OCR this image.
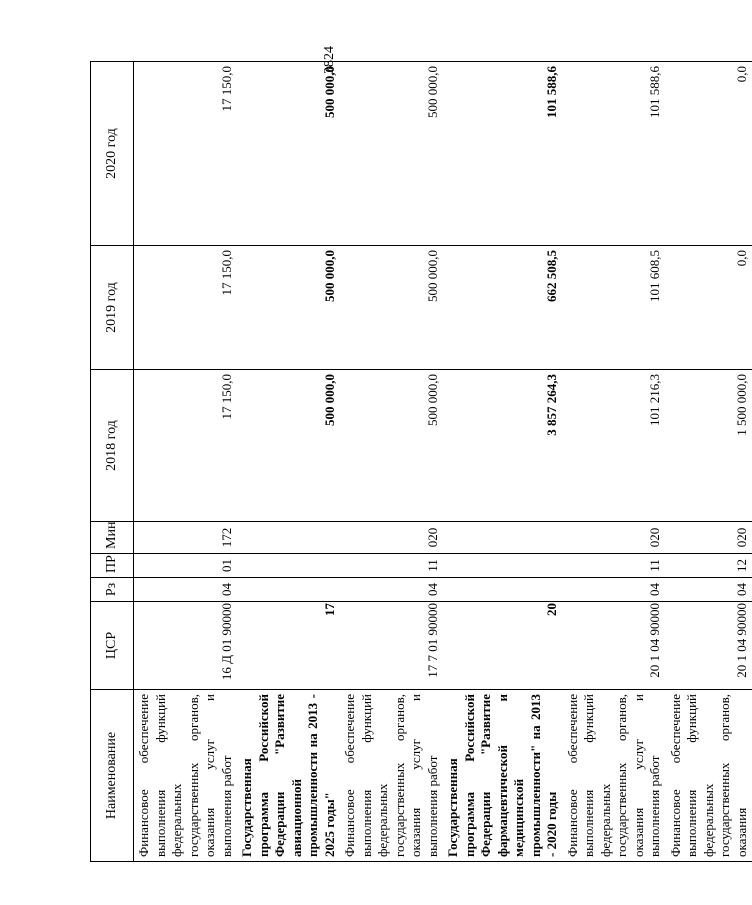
3824
Наименование	ЦСР	Рз	ПР	Мин	2018 год	2019 год	2020 год
Финансовое обеспечение выполнения функций федеральных государственных органов, оказания услуг и выполнения работ	16 Д 01 90000	04	01	172	17 150,0	17 150,0	17 150,0
Государственная программа Российской Федерации "Развитие авиационной промышленности на 2013 - 2025 годы"	17				500 000,0	500 000,0	500 000,0
Финансовое обеспечение выполнения функций федеральных государственных органов, оказания услуг и выполнения работ	17 7 01 90000	04	11	020	500 000,0	500 000,0	500 000,0
Государственная программа Российской Федерации "Развитие фармацевтической и медицинской промышленности" на 2013 - 2020 годы	20				3 857 264,3	662 508,5	101 588,6
Финансовое обеспечение выполнения функций федеральных государственных органов, оказания услуг и выполнения работ	20 1 04 90000	04	11	020	101 216,3	101 608,5	101 588,6
Финансовое обеспечение выполнения функций федеральных государственных органов, оказания	20 1 04 90000	04	12	020	1 500 000,0	0,0	0,0
